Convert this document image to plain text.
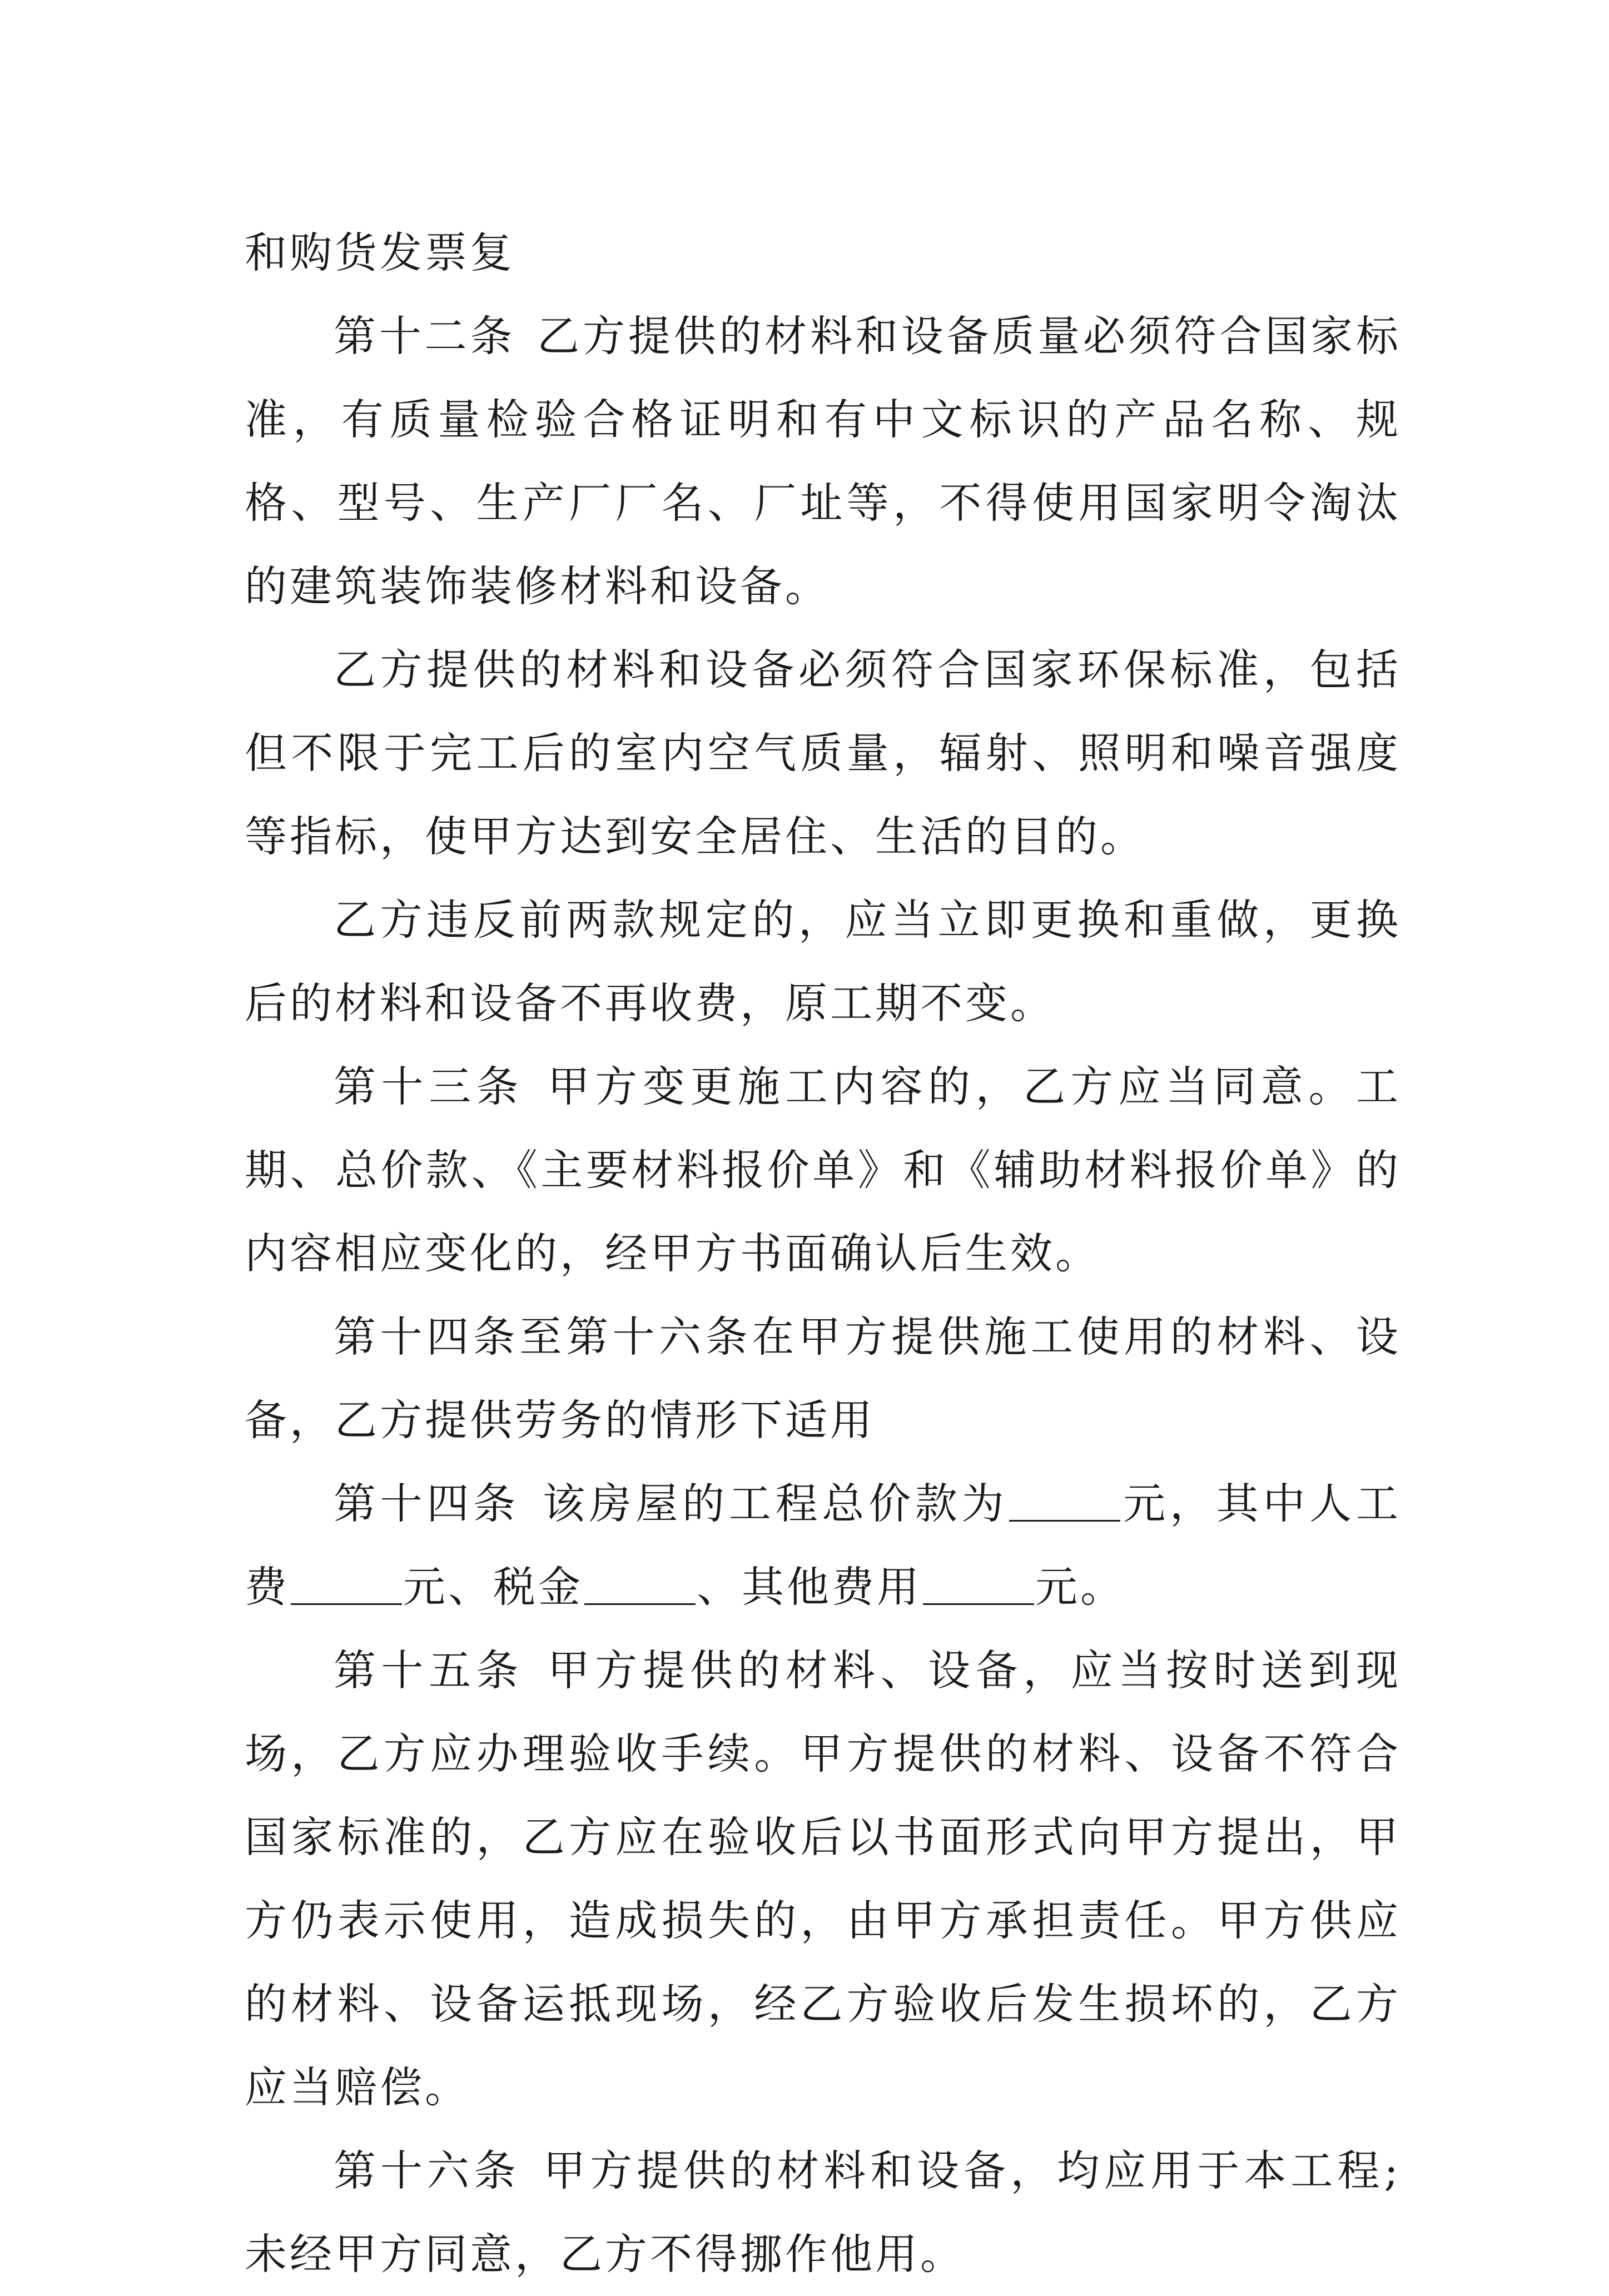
和购货发票复

第十二条 乙方提供的材料和设备质量必须符合国家标准，有质量检验合格证明和有中文标识的产品名称、规格、型号、生产厂厂名、厂址等，不得使用国家明令淘汰的建筑装饰装修材料和设备。

乙方提供的材料和设备必须符合国家环保标准，包括但不限于完工后的室内空气质量，辐射、照明和噪音强度等指标，使甲方达到安全居住、生活的目的。

乙方违反前两款规定的，应当立即更换和重做，更换后的材料和设备不再收费，原工期不变。

第十三条 甲方变更施工内容的，乙方应当同意。工期、总价款、《主要材料报价单》和《辅助材料报价单》的内容相应变化的，经甲方书面确认后生效。

第十四条至第十六条在甲方提供施工使用的材料、设备，乙方提供劳务的情形下适用

第十四条 该房屋的工程总价款为	元，其中人工费	元、税金	、其他费用	元。

第十五条 甲方提供的材料、设备，应当按时送到现场，乙方应办理验收手续。甲方提供的材料、设备不符合国家标准的，乙方应在验收后以书面形式向甲方提出，甲方仍表示使用，造成损失的，由甲方承担责任。甲方供应的材料、设备运抵现场，经乙方验收后发生损坏的，乙方应当赔偿。

第十六条 甲方提供的材料和设备，均应用于本工程;未经甲方同意，乙方不得挪作他用。
